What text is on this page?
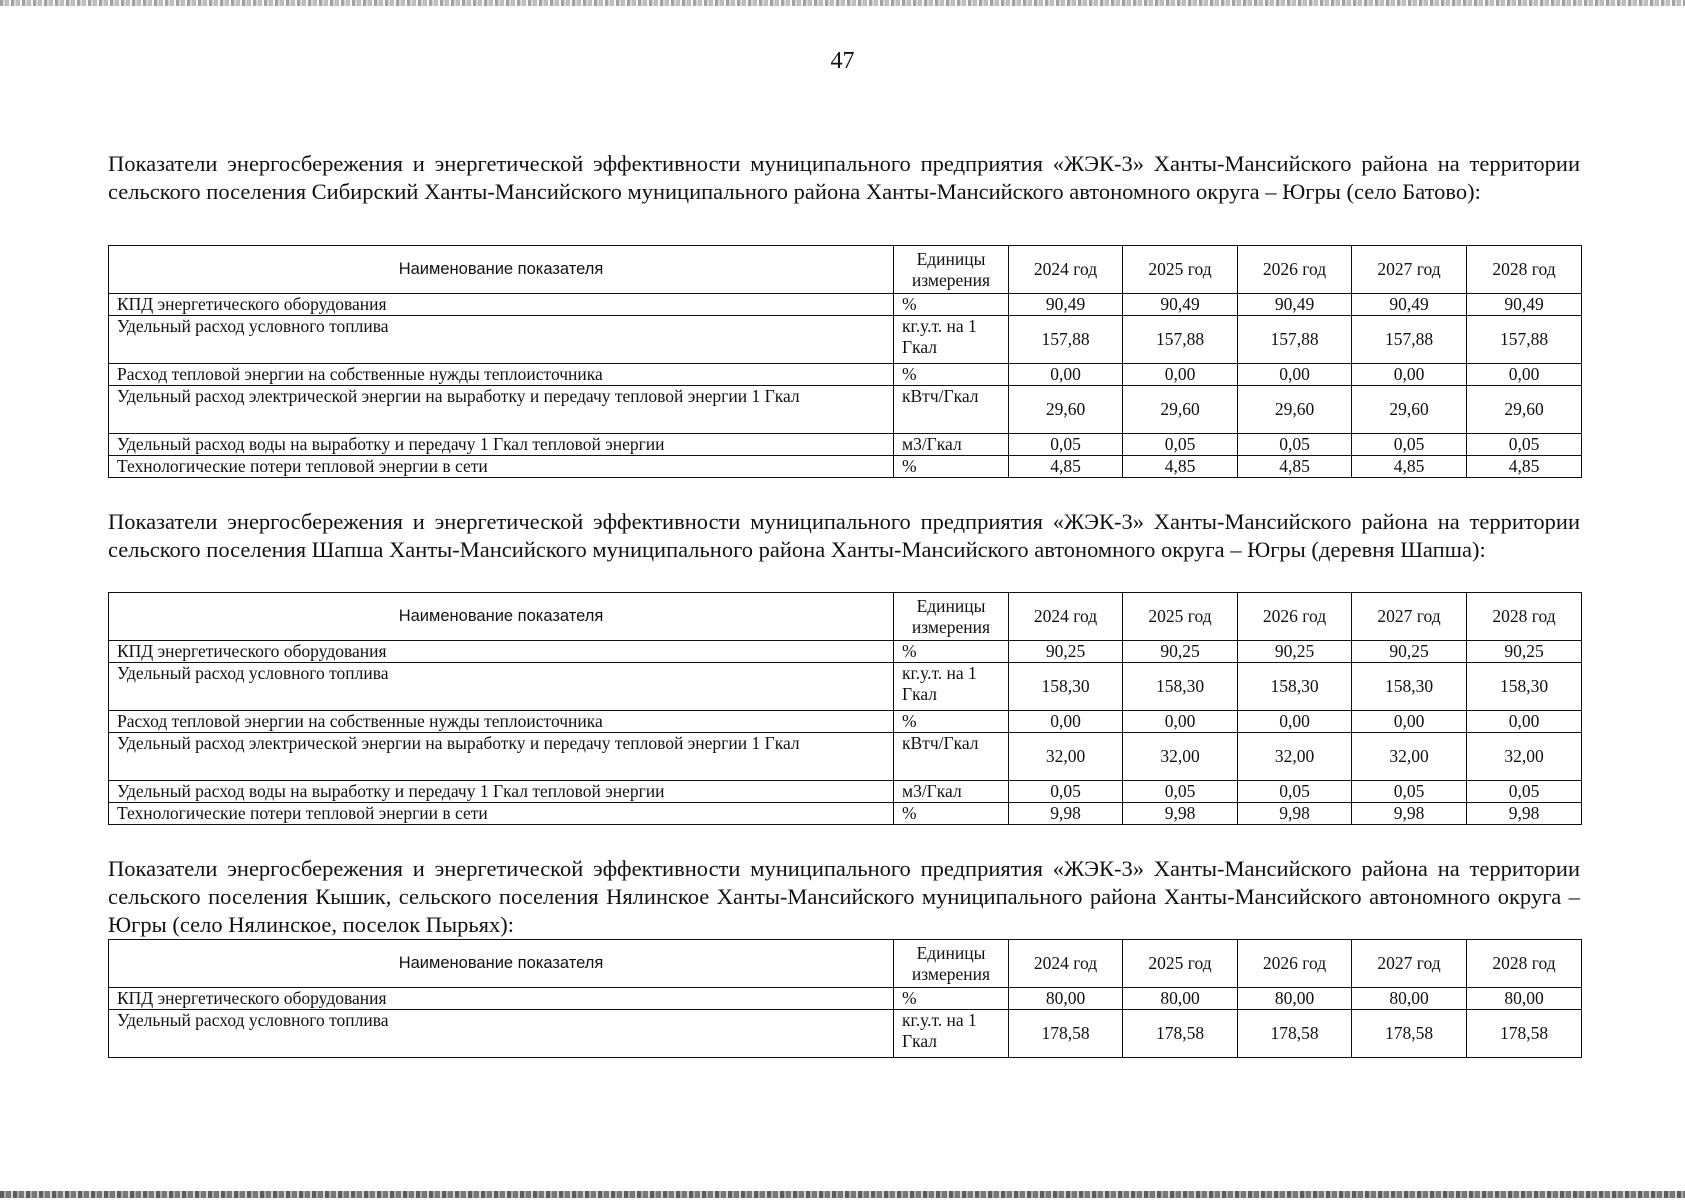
47
Показатели энергосбережения и энергетической эффективности муниципального предприятия «ЖЭК-3» Ханты-Мансийского района на территории сельского поселения Сибирский Ханты-Мансийского муниципального района Ханты-Мансийского автономного округа – Югры (село Батово):
Наименование показателя	Единицы измерения	2024 год	2025 год	2026 год	2027 год	2028 год
КПД энергетического оборудования	%	90,49	90,49	90,49	90,49	90,49
Удельный расход условного топлива	кг.у.т. на 1 Гкал	157,88	157,88	157,88	157,88	157,88
Расход тепловой энергии на собственные нужды теплоисточника	%	0,00	0,00	0,00	0,00	0,00
Удельный расход электрической энергии на выработку и передачу тепловой энергии 1 Гкал	кВтч/Гкал	29,60	29,60	29,60	29,60	29,60
Удельный расход воды на выработку и передачу 1 Гкал тепловой энергии	м3/Гкал	0,05	0,05	0,05	0,05	0,05
Технологические потери тепловой энергии в сети	%	4,85	4,85	4,85	4,85	4,85
Показатели энергосбережения и энергетической эффективности муниципального предприятия «ЖЭК-3» Ханты-Мансийского района на территории сельского поселения Шапша Ханты-Мансийского муниципального района Ханты-Мансийского автономного округа – Югры (деревня Шапша):
Наименование показателя	Единицы измерения	2024 год	2025 год	2026 год	2027 год	2028 год
КПД энергетического оборудования	%	90,25	90,25	90,25	90,25	90,25
Удельный расход условного топлива	кг.у.т. на 1 Гкал	158,30	158,30	158,30	158,30	158,30
Расход тепловой энергии на собственные нужды теплоисточника	%	0,00	0,00	0,00	0,00	0,00
Удельный расход электрической энергии на выработку и передачу тепловой энергии 1 Гкал	кВтч/Гкал	32,00	32,00	32,00	32,00	32,00
Удельный расход воды на выработку и передачу 1 Гкал тепловой энергии	м3/Гкал	0,05	0,05	0,05	0,05	0,05
Технологические потери тепловой энергии в сети	%	9,98	9,98	9,98	9,98	9,98
Показатели энергосбережения и энергетической эффективности муниципального предприятия «ЖЭК-3» Ханты-Мансийского района на территории сельского поселения Кышик, сельского поселения Нялинское Ханты-Мансийского муниципального района Ханты-Мансийского автономного округа – Югры (село Нялинское, поселок Пырьях):
Наименование показателя	Единицы измерения	2024 год	2025 год	2026 год	2027 год	2028 год
КПД энергетического оборудования	%	80,00	80,00	80,00	80,00	80,00
Удельный расход условного топлива	кг.у.т. на 1 Гкал	178,58	178,58	178,58	178,58	178,58
